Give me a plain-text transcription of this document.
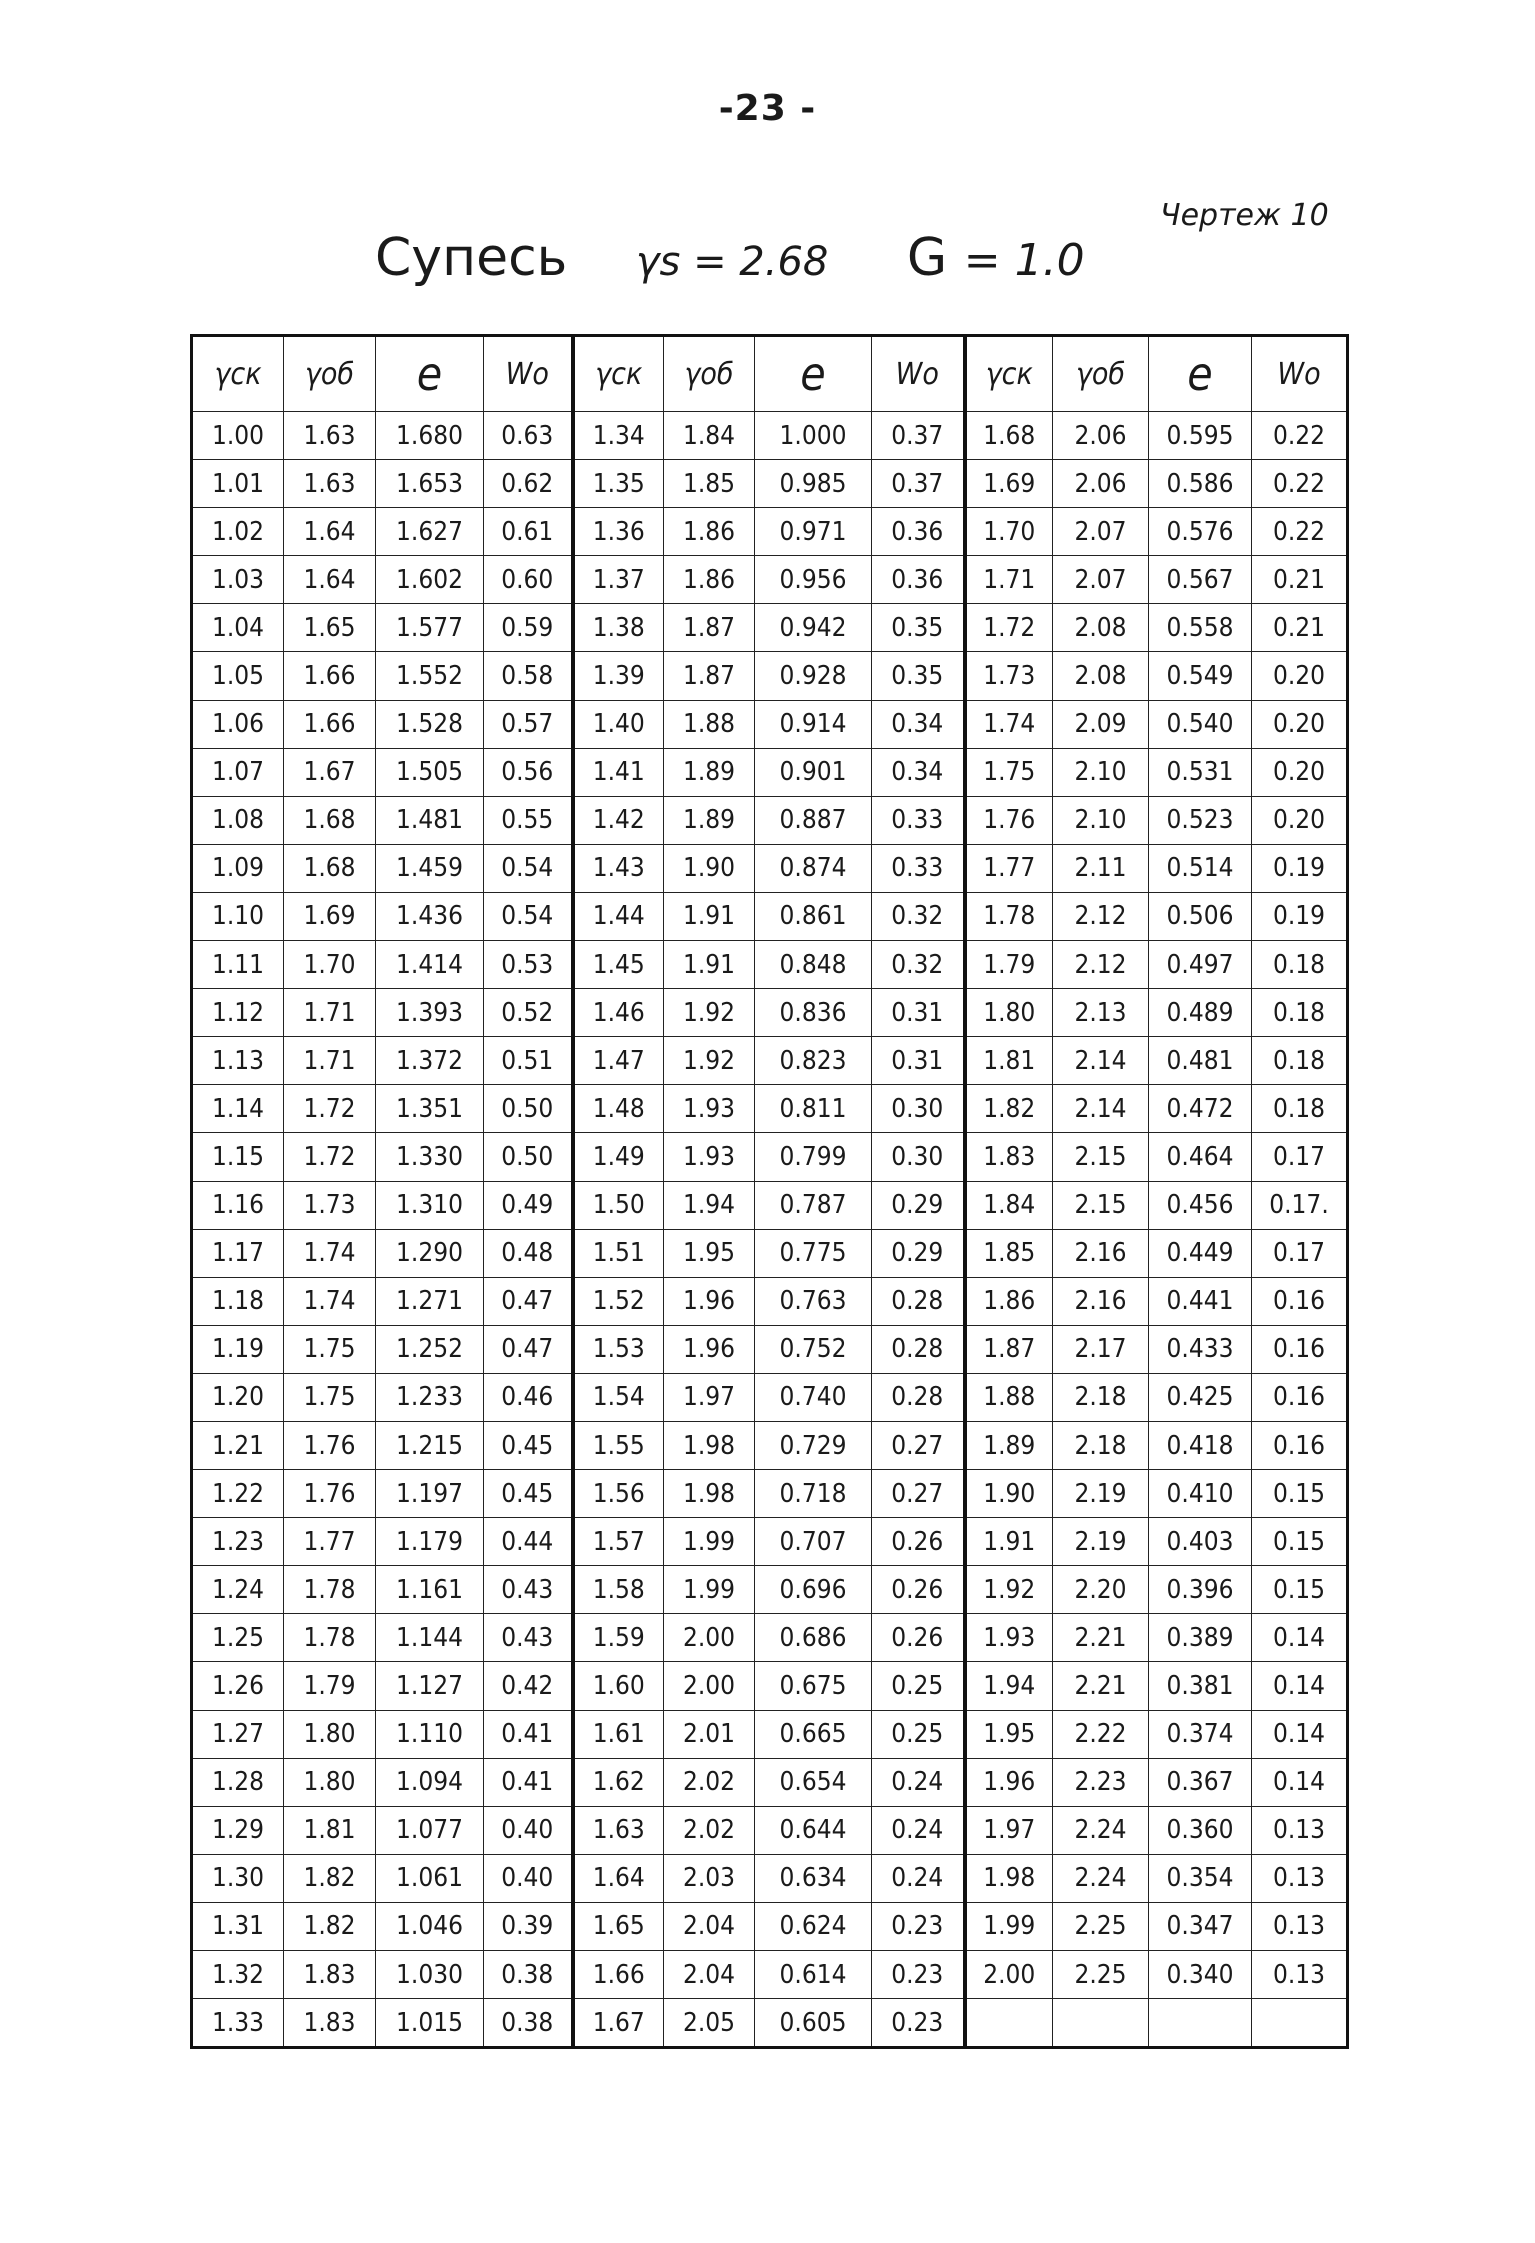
-23 -
Чертеж 10
Супесь γs = 2.68 G = 1.0
γск	γоб	e	Wo	γск	γоб	e	Wo	γск	γоб	e	Wo
1.00	1.63	1.680	0.63	1.34	1.84	1.000	0.37	1.68	2.06	0.595	0.22
1.01	1.63	1.653	0.62	1.35	1.85	0.985	0.37	1.69	2.06	0.586	0.22
1.02	1.64	1.627	0.61	1.36	1.86	0.971	0.36	1.70	2.07	0.576	0.22
1.03	1.64	1.602	0.60	1.37	1.86	0.956	0.36	1.71	2.07	0.567	0.21
1.04	1.65	1.577	0.59	1.38	1.87	0.942	0.35	1.72	2.08	0.558	0.21
1.05	1.66	1.552	0.58	1.39	1.87	0.928	0.35	1.73	2.08	0.549	0.20
1.06	1.66	1.528	0.57	1.40	1.88	0.914	0.34	1.74	2.09	0.540	0.20
1.07	1.67	1.505	0.56	1.41	1.89	0.901	0.34	1.75	2.10	0.531	0.20
1.08	1.68	1.481	0.55	1.42	1.89	0.887	0.33	1.76	2.10	0.523	0.20
1.09	1.68	1.459	0.54	1.43	1.90	0.874	0.33	1.77	2.11	0.514	0.19
1.10	1.69	1.436	0.54	1.44	1.91	0.861	0.32	1.78	2.12	0.506	0.19
1.11	1.70	1.414	0.53	1.45	1.91	0.848	0.32	1.79	2.12	0.497	0.18
1.12	1.71	1.393	0.52	1.46	1.92	0.836	0.31	1.80	2.13	0.489	0.18
1.13	1.71	1.372	0.51	1.47	1.92	0.823	0.31	1.81	2.14	0.481	0.18
1.14	1.72	1.351	0.50	1.48	1.93	0.811	0.30	1.82	2.14	0.472	0.18
1.15	1.72	1.330	0.50	1.49	1.93	0.799	0.30	1.83	2.15	0.464	0.17
1.16	1.73	1.310	0.49	1.50	1.94	0.787	0.29	1.84	2.15	0.456	0.17.
1.17	1.74	1.290	0.48	1.51	1.95	0.775	0.29	1.85	2.16	0.449	0.17
1.18	1.74	1.271	0.47	1.52	1.96	0.763	0.28	1.86	2.16	0.441	0.16
1.19	1.75	1.252	0.47	1.53	1.96	0.752	0.28	1.87	2.17	0.433	0.16
1.20	1.75	1.233	0.46	1.54	1.97	0.740	0.28	1.88	2.18	0.425	0.16
1.21	1.76	1.215	0.45	1.55	1.98	0.729	0.27	1.89	2.18	0.418	0.16
1.22	1.76	1.197	0.45	1.56	1.98	0.718	0.27	1.90	2.19	0.410	0.15
1.23	1.77	1.179	0.44	1.57	1.99	0.707	0.26	1.91	2.19	0.403	0.15
1.24	1.78	1.161	0.43	1.58	1.99	0.696	0.26	1.92	2.20	0.396	0.15
1.25	1.78	1.144	0.43	1.59	2.00	0.686	0.26	1.93	2.21	0.389	0.14
1.26	1.79	1.127	0.42	1.60	2.00	0.675	0.25	1.94	2.21	0.381	0.14
1.27	1.80	1.110	0.41	1.61	2.01	0.665	0.25	1.95	2.22	0.374	0.14
1.28	1.80	1.094	0.41	1.62	2.02	0.654	0.24	1.96	2.23	0.367	0.14
1.29	1.81	1.077	0.40	1.63	2.02	0.644	0.24	1.97	2.24	0.360	0.13
1.30	1.82	1.061	0.40	1.64	2.03	0.634	0.24	1.98	2.24	0.354	0.13
1.31	1.82	1.046	0.39	1.65	2.04	0.624	0.23	1.99	2.25	0.347	0.13
1.32	1.83	1.030	0.38	1.66	2.04	0.614	0.23	2.00	2.25	0.340	0.13
1.33	1.83	1.015	0.38	1.67	2.05	0.605	0.23				
